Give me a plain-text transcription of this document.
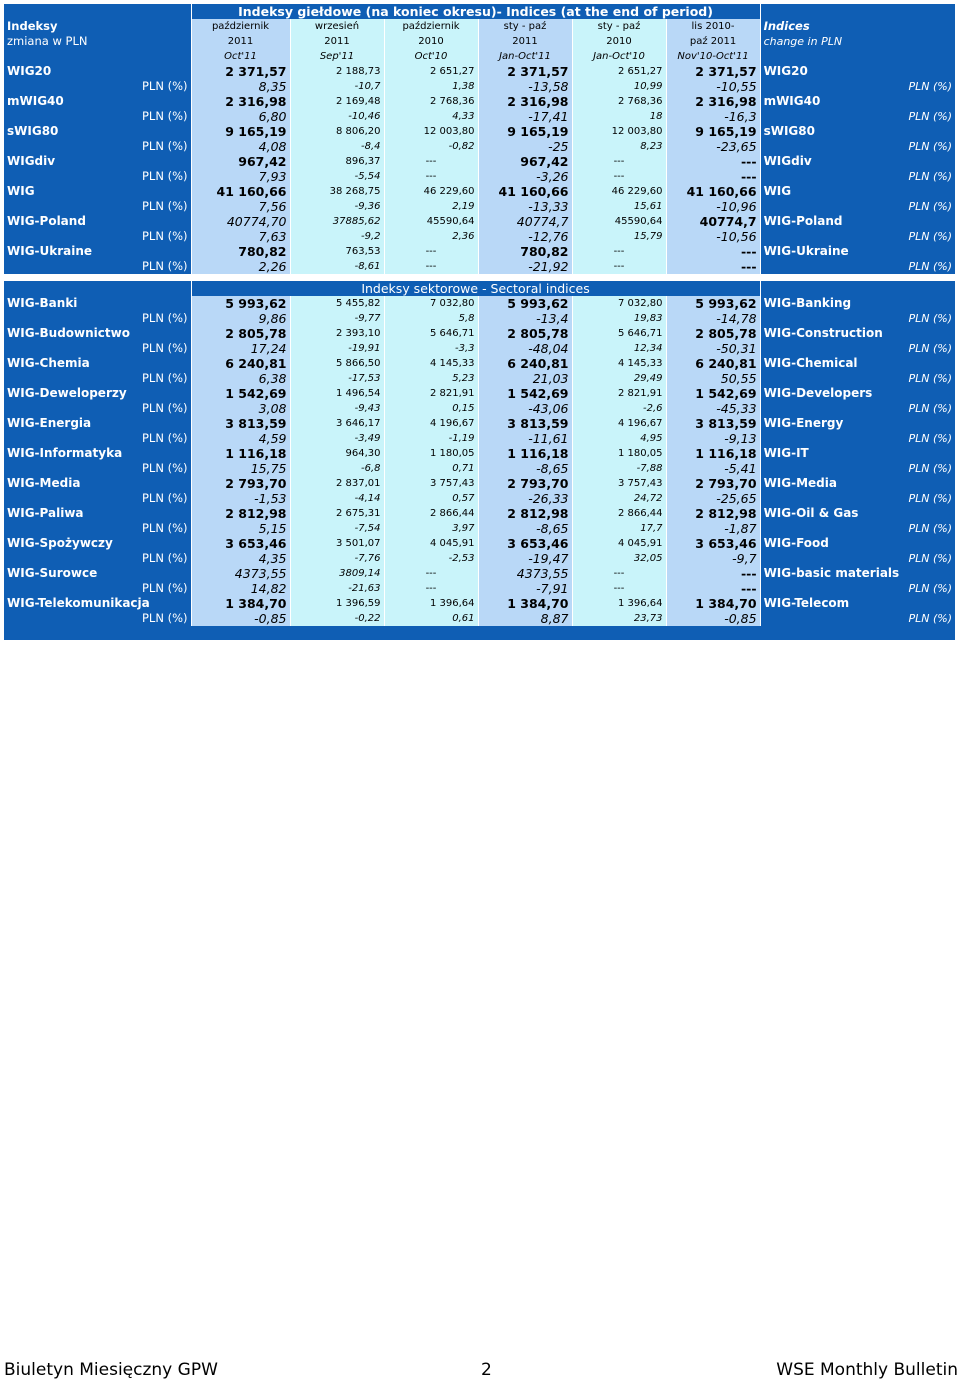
	Indeksy giełdowe (na koniec okresu)- Indices (at the end of period)						
Indeksy	październik	wrzesień	październik	sty - paź	sty - paź	lis 2010-	Indices
zmiana w PLN	2011	2011	2010	2011	2010	paź 2011	change in PLN
	Oct'11	Sep'11	Oct'10	Jan-Oct'11	Jan-Oct'10	Nov'10-Oct'11	
WIG20	2 371,57	2 188,73	2 651,27	2 371,57	2 651,27	2 371,57	WIG20
PLN (%)	8,35	-10,7	1,38	-13,58	10,99	-10,55	PLN (%)
mWIG40	2 316,98	2 169,48	2 768,36	2 316,98	2 768,36	2 316,98	mWIG40
PLN (%)	6,80	-10,46	4,33	-17,41	18	-16,3	PLN (%)
sWIG80	9 165,19	8 806,20	12 003,80	9 165,19	12 003,80	9 165,19	sWIG80
PLN (%)	4,08	-8,4	-0,82	-25	8,23	-23,65	PLN (%)
WIGdiv	967,42	896,37	---	967,42	---	---	WIGdiv
PLN (%)	7,93	-5,54	---	-3,26	---	---	PLN (%)
WIG	41 160,66	38 268,75	46 229,60	41 160,66	46 229,60	41 160,66	WIG
PLN (%)	7,56	-9,36	2,19	-13,33	15,61	-10,96	PLN (%)
WIG-Poland	40774,70	37885,62	45590,64	40774,7	45590,64	40774,7	WIG-Poland
PLN (%)	7,63	-9,2	2,36	-12,76	15,79	-10,56	PLN (%)
WIG-Ukraine	780,82	763,53	---	780,82	---	---	WIG-Ukraine
PLN (%)	2,26	-8,61	---	-21,92	---	---	PLN (%)

	Indeksy sektorowe - Sectoral indices						
WIG-Banki	5 993,62	5 455,82	7 032,80	5 993,62	7 032,80	5 993,62	WIG-Banking
PLN (%)	9,86	-9,77	5,8	-13,4	19,83	-14,78	PLN (%)
WIG-Budownictwo	2 805,78	2 393,10	5 646,71	2 805,78	5 646,71	2 805,78	WIG-Construction
PLN (%)	17,24	-19,91	-3,3	-48,04	12,34	-50,31	PLN (%)
WIG-Chemia	6 240,81	5 866,50	4 145,33	6 240,81	4 145,33	6 240,81	WIG-Chemical
PLN (%)	6,38	-17,53	5,23	21,03	29,49	50,55	PLN (%)
WIG-Deweloperzy	1 542,69	1 496,54	2 821,91	1 542,69	2 821,91	1 542,69	WIG-Developers
PLN (%)	3,08	-9,43	0,15	-43,06	-2,6	-45,33	PLN (%)
WIG-Energia	3 813,59	3 646,17	4 196,67	3 813,59	4 196,67	3 813,59	WIG-Energy
PLN (%)	4,59	-3,49	-1,19	-11,61	4,95	-9,13	PLN (%)
WIG-Informatyka	1 116,18	964,30	1 180,05	1 116,18	1 180,05	1 116,18	WIG-IT
PLN (%)	15,75	-6,8	0,71	-8,65	-7,88	-5,41	PLN (%)
WIG-Media	2 793,70	2 837,01	3 757,43	2 793,70	3 757,43	2 793,70	WIG-Media
PLN (%)	-1,53	-4,14	0,57	-26,33	24,72	-25,65	PLN (%)
WIG-Paliwa	2 812,98	2 675,31	2 866,44	2 812,98	2 866,44	2 812,98	WIG-Oil & Gas
PLN (%)	5,15	-7,54	3,97	-8,65	17,7	-1,87	PLN (%)
WIG-Spożywczy	3 653,46	3 501,07	4 045,91	3 653,46	4 045,91	3 653,46	WIG-Food
PLN (%)	4,35	-7,76	-2,53	-19,47	32,05	-9,7	PLN (%)
WIG-Surowce	4373,55	3809,14	---	4373,55	---	---	WIG-basic materials
PLN (%)	14,82	-21,63	---	-7,91	---	---	PLN (%)
WIG-Telekomunikacja	1 384,70	1 396,59	1 396,64	1 384,70	1 396,64	1 384,70	WIG-Telecom
PLN (%)	-0,85	-0,22	0,61	8,87	23,73	-0,85	PLN (%)

Biuletyn Miesięczny GPW	2	WSE Monthly Bulletin
